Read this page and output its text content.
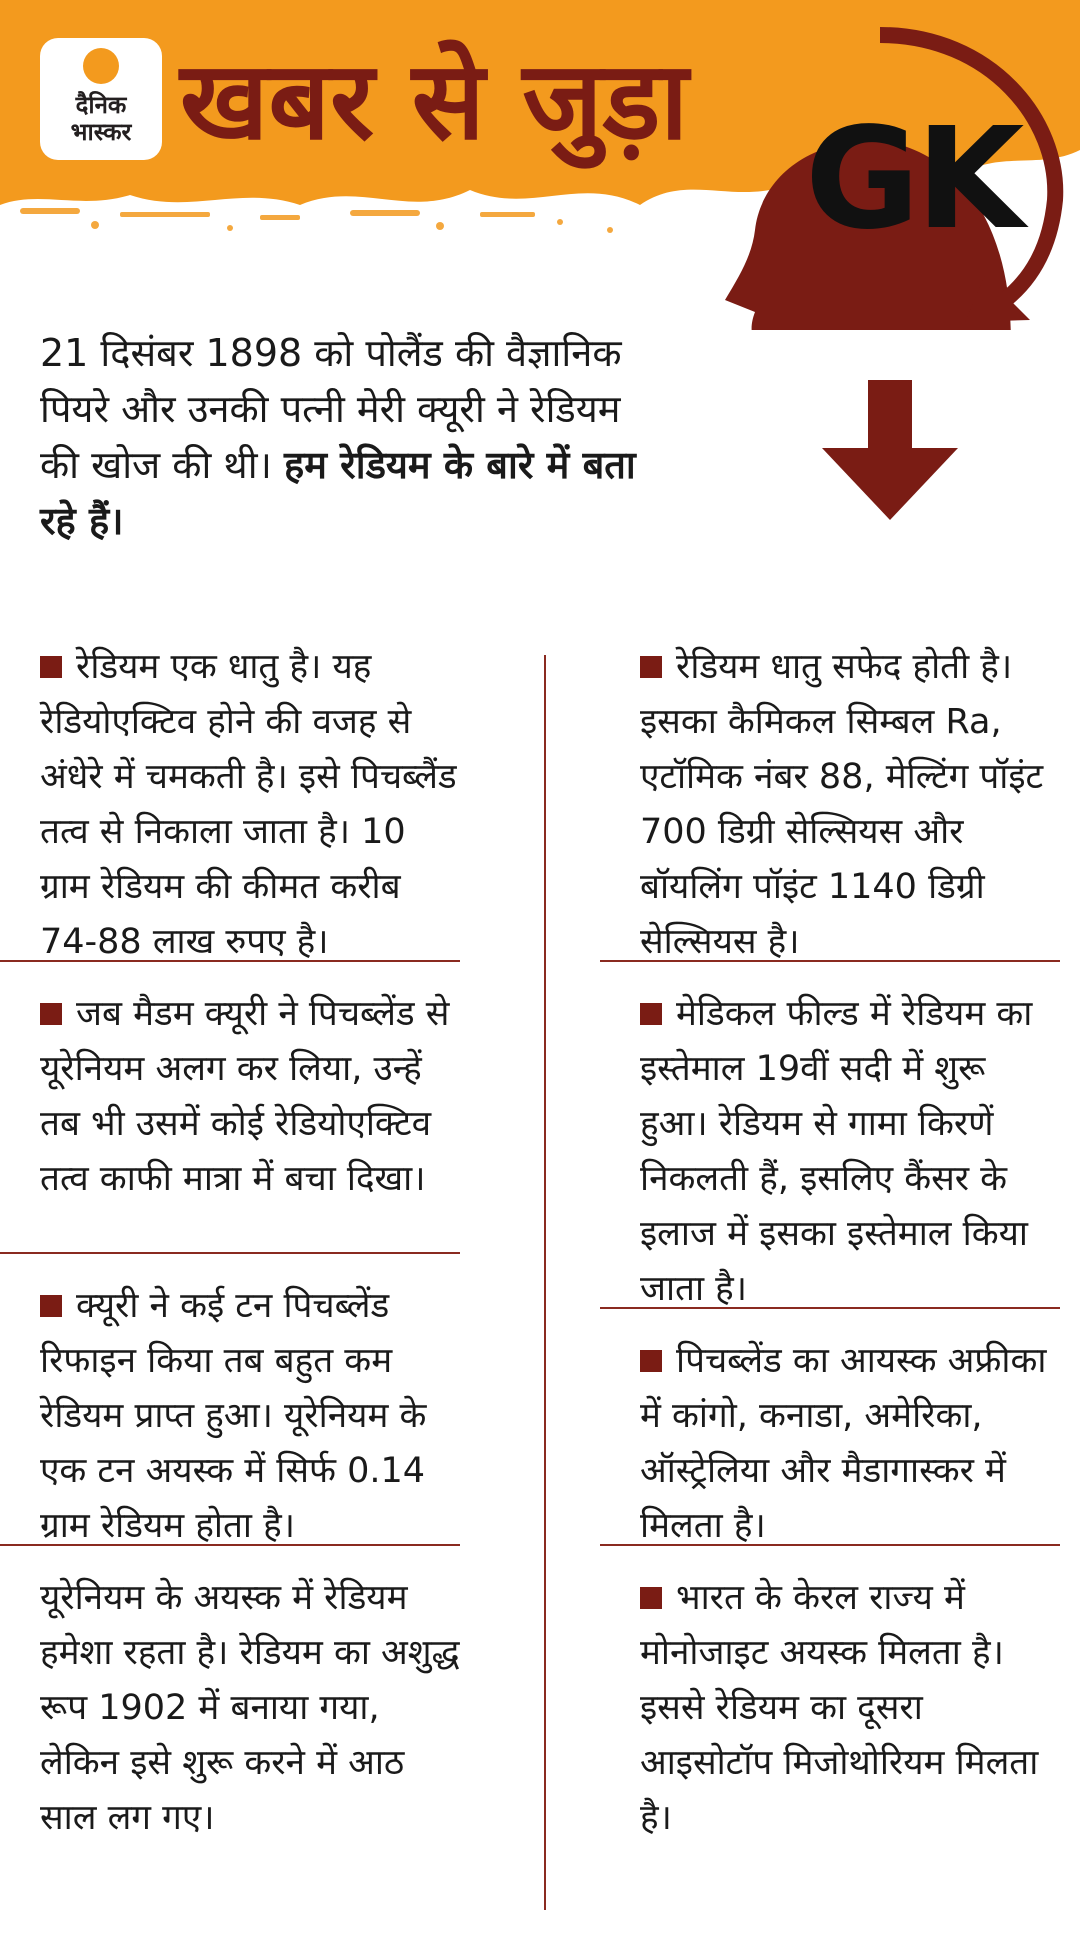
दैनिक
भास्कर खबर से जुड़ा GK
21 दिसंबर 1898 को पोलैंड की वैज्ञानिक पियरे और उनकी पत्नी मेरी क्यूरी ने रेडियम की खोज की थी। हम रेडियम के बारे में बता रहे हैं।
रेडियम एक धातु है। यह रेडियोएक्टिव होने की वजह से अंधेरे में चमकती है। इसे पिचब्लैंड तत्व से निकाला जाता है। 10 ग्राम रेडियम की कीमत करीब 74-88 लाख रुपए है।
जब मैडम क्यूरी ने पिचब्लेंड से यूरेनियम अलग कर लिया, उन्हें तब भी उसमें कोई रेडियोएक्टिव तत्व काफी मात्रा में बचा दिखा।
क्यूरी ने कई टन पिचब्लेंड रिफाइन किया तब बहुत कम रेडियम प्राप्त हुआ। यूरेनियम के एक टन अयस्क में सिर्फ 0.14 ग्राम रेडियम होता है।
यूरेनियम के अयस्क में रेडियम हमेशा रहता है। रेडियम का अशुद्ध रूप 1902 में बनाया गया, लेकिन इसे शुरू करने में आठ साल लग गए।
रेडियम धातु सफेद होती है। इसका कैमिकल सिम्बल Ra, एटॉमिक नंबर 88, मेल्टिंग पॉइंट 700 डिग्री सेल्सियस और बॉयलिंग पॉइंट 1140 डिग्री सेल्सियस है।
मेडिकल फील्ड में रेडियम का इस्तेमाल 19वीं सदी में शुरू हुआ। रेडियम से गामा किरणें निकलती हैं, इसलिए कैंसर के इलाज में इसका इस्तेमाल किया जाता है।
पिचब्लेंड का आयस्क अफ्रीका में कांगो, कनाडा, अमेरिका, ऑस्ट्रेलिया और मैडागास्कर में मिलता है।
भारत के केरल राज्य में मोनोजाइट अयस्क मिलता है। इससे रेडियम का दूसरा आइसोटॉप मिजोथोरियम मिलता है।
